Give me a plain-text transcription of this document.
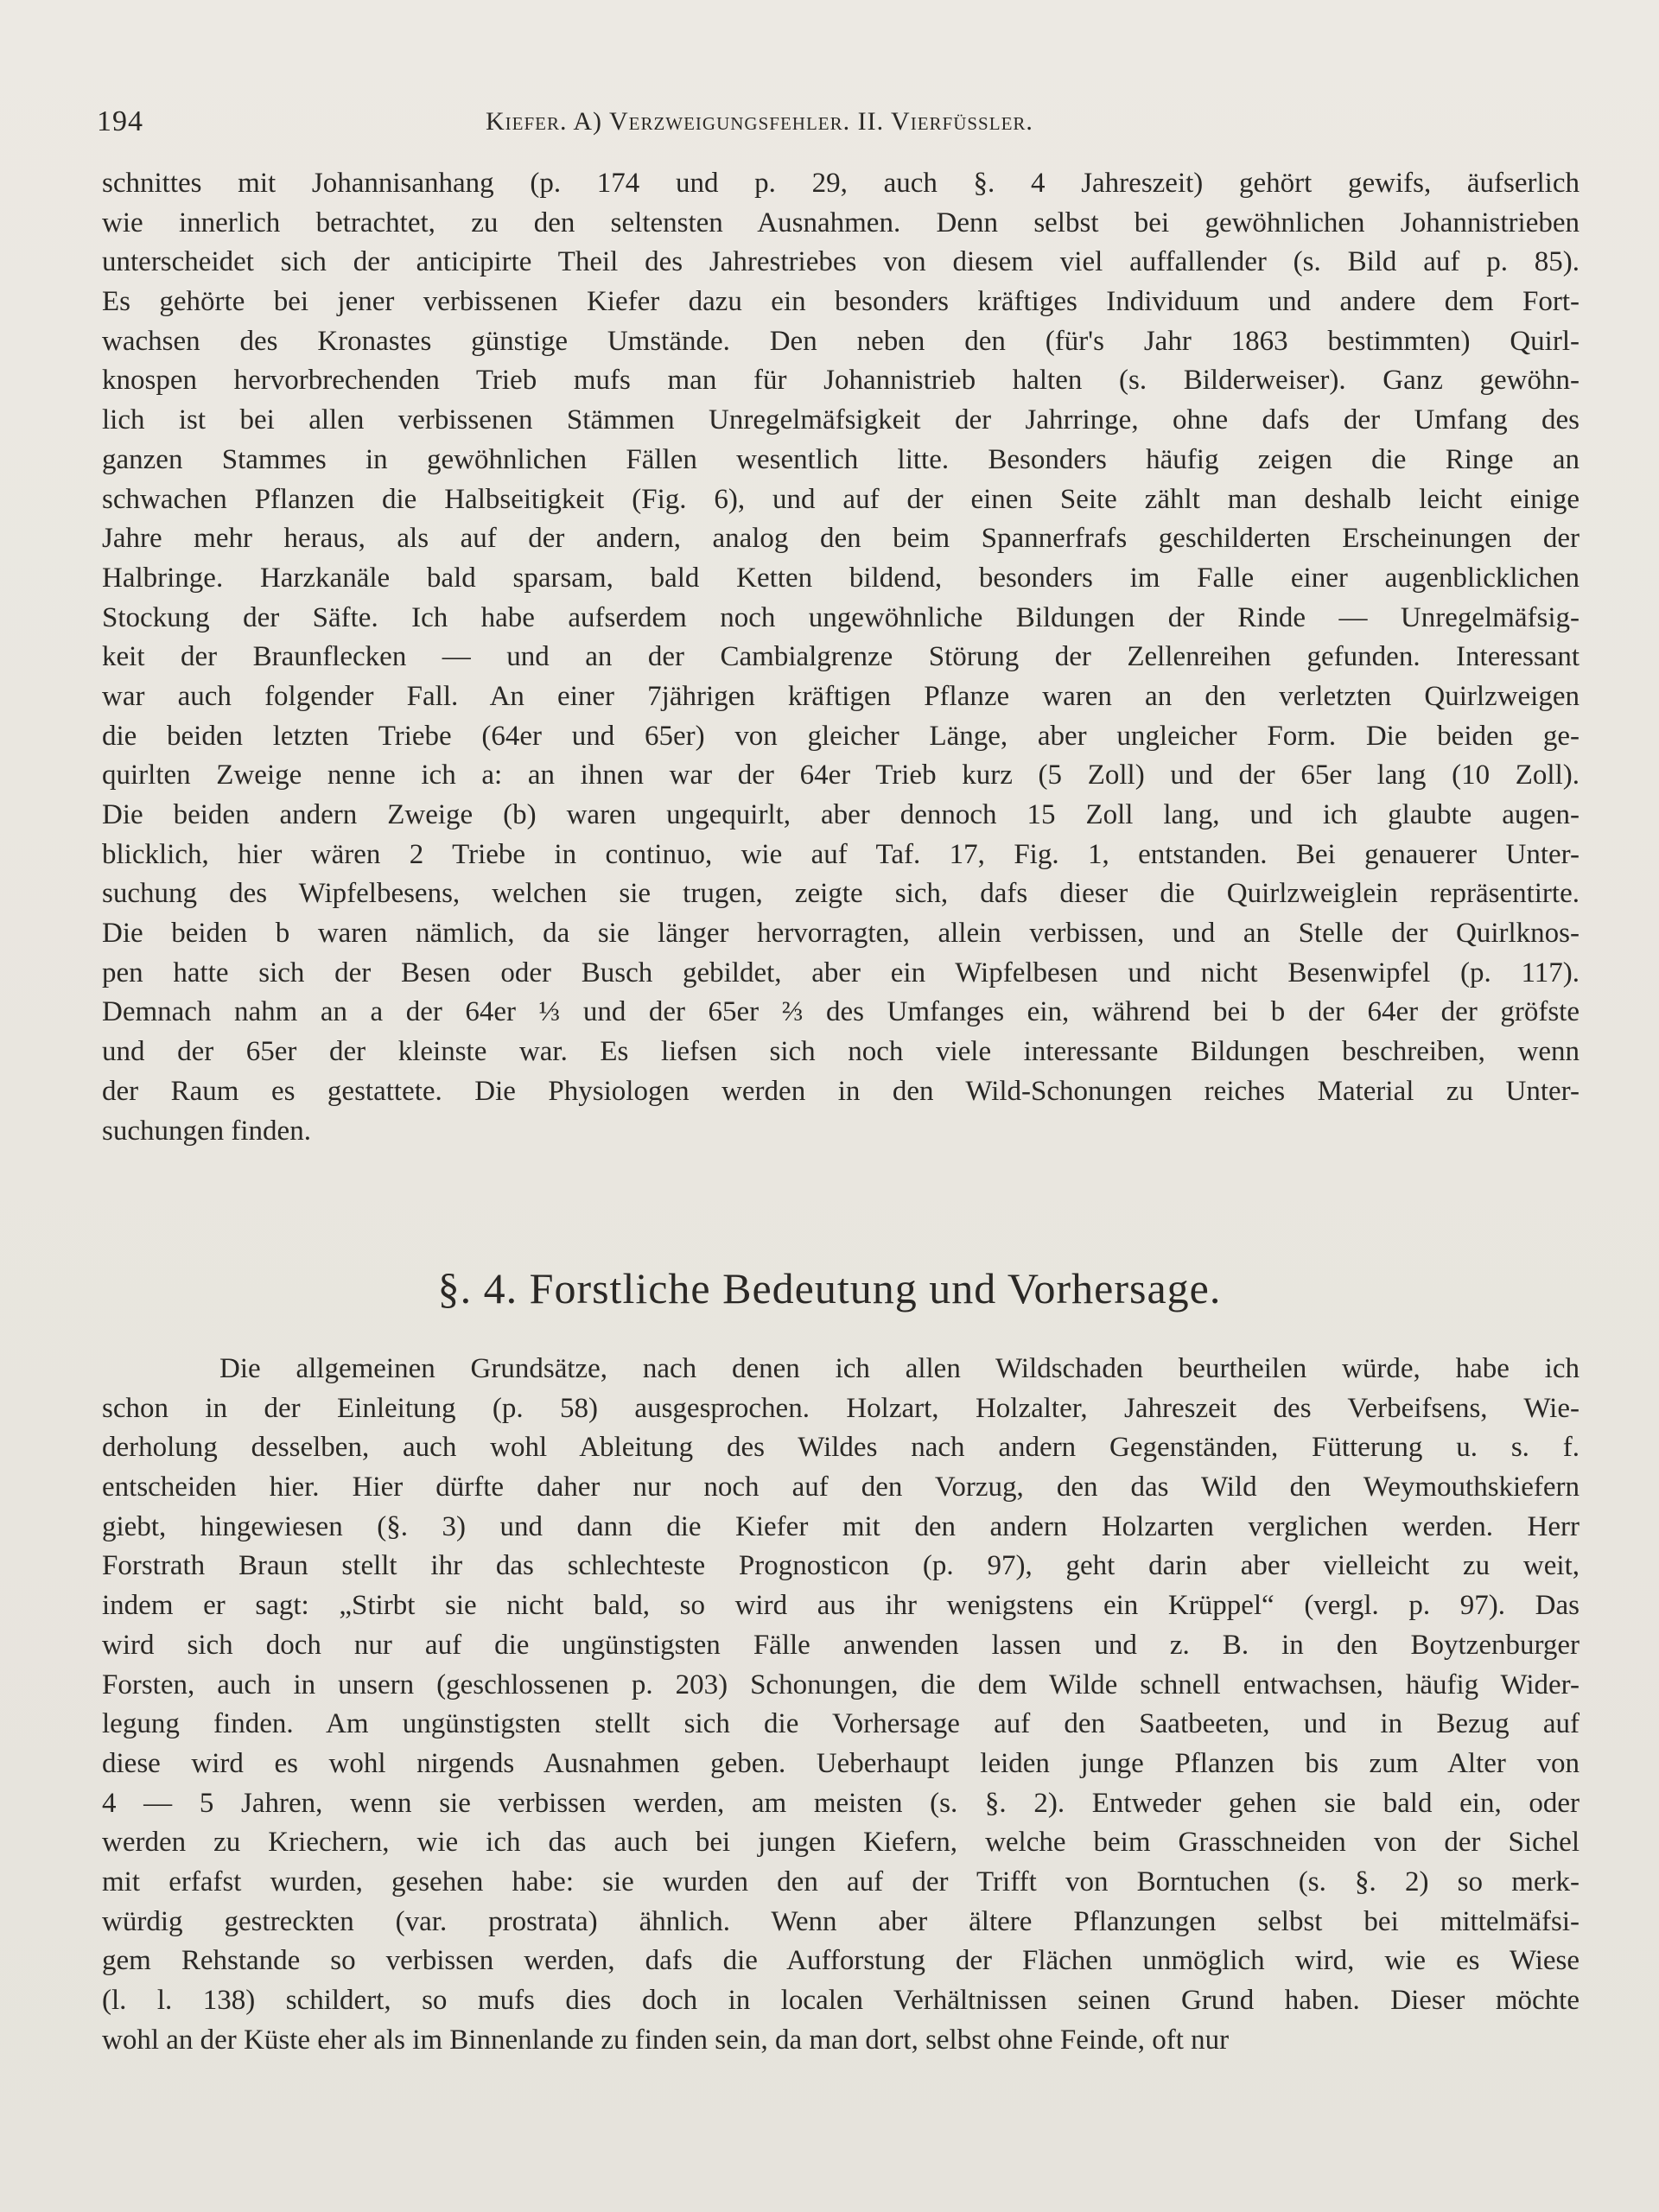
194	Kiefer. A) Verzweigungsfehler. II. Vierfüssler.
schnittes mit Johannisanhang (p. 174 und p. 29, auch §. 4 Jahreszeit) gehört gewifs, äufserlich
wie innerlich betrachtet, zu den seltensten Ausnahmen. Denn selbst bei gewöhnlichen Johannistrieben
unterscheidet sich der anticipirte Theil des Jahrestriebes von diesem viel auffallender (s. Bild auf p. 85).
Es gehörte bei jener verbissenen Kiefer dazu ein besonders kräftiges Individuum und andere dem Fort-
wachsen des Kronastes günstige Umstände. Den neben den (für's Jahr 1863 bestimmten) Quirl-
knospen hervorbrechenden Trieb mufs man für Johannistrieb halten (s. Bilderweiser). Ganz gewöhn-
lich ist bei allen verbissenen Stämmen Unregelmäfsigkeit der Jahrringe, ohne dafs der Umfang des
ganzen Stammes in gewöhnlichen Fällen wesentlich litte. Besonders häufig zeigen die Ringe an
schwachen Pflanzen die Halbseitigkeit (Fig. 6), und auf der einen Seite zählt man deshalb leicht einige
Jahre mehr heraus, als auf der andern, analog den beim Spannerfrafs geschilderten Erscheinungen der
Halbringe. Harzkanäle bald sparsam, bald Ketten bildend, besonders im Falle einer augenblicklichen
Stockung der Säfte. Ich habe aufserdem noch ungewöhnliche Bildungen der Rinde — Unregelmäfsig-
keit der Braunflecken — und an der Cambialgrenze Störung der Zellenreihen gefunden. Interessant
war auch folgender Fall. An einer 7jährigen kräftigen Pflanze waren an den verletzten Quirlzweigen
die beiden letzten Triebe (64er und 65er) von gleicher Länge, aber ungleicher Form. Die beiden ge-
quirlten Zweige nenne ich a: an ihnen war der 64er Trieb kurz (5 Zoll) und der 65er lang (10 Zoll).
Die beiden andern Zweige (b) waren ungequirlt, aber dennoch 15 Zoll lang, und ich glaubte augen-
blicklich, hier wären 2 Triebe in continuo, wie auf Taf. 17, Fig. 1, entstanden. Bei genauerer Unter-
suchung des Wipfelbesens, welchen sie trugen, zeigte sich, dafs dieser die Quirlzweiglein repräsentirte.
Die beiden b waren nämlich, da sie länger hervorragten, allein verbissen, und an Stelle der Quirlknos-
pen hatte sich der Besen oder Busch gebildet, aber ein Wipfelbesen und nicht Besenwipfel (p. 117).
Demnach nahm an a der 64er ⅓ und der 65er ⅔ des Umfanges ein, während bei b der 64er der gröfste
und der 65er der kleinste war. Es liefsen sich noch viele interessante Bildungen beschreiben, wenn
der Raum es gestattete. Die Physiologen werden in den Wild-Schonungen reiches Material zu Unter-
suchungen finden.
§. 4. Forstliche Bedeutung und Vorhersage.
Die allgemeinen Grundsätze, nach denen ich allen Wildschaden beurtheilen würde, habe ich
schon in der Einleitung (p. 58) ausgesprochen. Holzart, Holzalter, Jahreszeit des Verbeifsens, Wie-
derholung desselben, auch wohl Ableitung des Wildes nach andern Gegenständen, Fütterung u. s. f.
entscheiden hier. Hier dürfte daher nur noch auf den Vorzug, den das Wild den Weymouthskiefern
giebt, hingewiesen (§. 3) und dann die Kiefer mit den andern Holzarten verglichen werden. Herr
Forstrath Braun stellt ihr das schlechteste Prognosticon (p. 97), geht darin aber vielleicht zu weit,
indem er sagt: „Stirbt sie nicht bald, so wird aus ihr wenigstens ein Krüppel“ (vergl. p. 97). Das
wird sich doch nur auf die ungünstigsten Fälle anwenden lassen und z. B. in den Boytzenburger
Forsten, auch in unsern (geschlossenen p. 203) Schonungen, die dem Wilde schnell entwachsen, häufig Wider-
legung finden. Am ungünstigsten stellt sich die Vorhersage auf den Saatbeeten, und in Bezug auf
diese wird es wohl nirgends Ausnahmen geben. Ueberhaupt leiden junge Pflanzen bis zum Alter von
4 — 5 Jahren, wenn sie verbissen werden, am meisten (s. §. 2). Entweder gehen sie bald ein, oder
werden zu Kriechern, wie ich das auch bei jungen Kiefern, welche beim Grasschneiden von der Sichel
mit erfafst wurden, gesehen habe: sie wurden den auf der Trifft von Borntuchen (s. §. 2) so merk-
würdig gestreckten (var. prostrata) ähnlich. Wenn aber ältere Pflanzungen selbst bei mittelmäfsi-
gem Rehstande so verbissen werden, dafs die Aufforstung der Flächen unmöglich wird, wie es Wiese
(l. l. 138) schildert, so mufs dies doch in localen Verhältnissen seinen Grund haben. Dieser möchte
wohl an der Küste eher als im Binnenlande zu finden sein, da man dort, selbst ohne Feinde, oft nur
